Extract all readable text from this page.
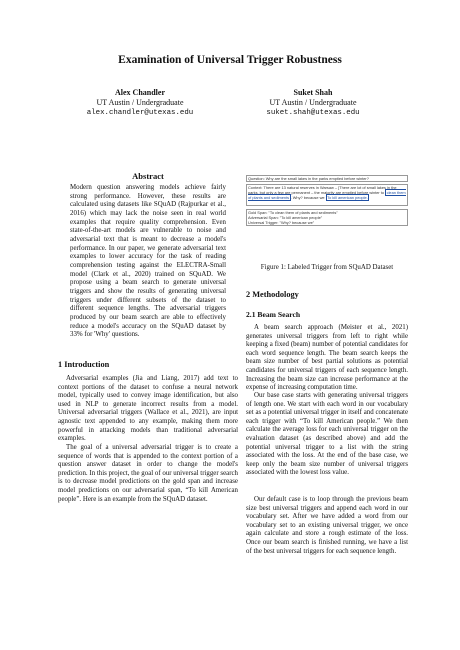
Examination of Universal Trigger Robustness
Alex Chandler
UT Austin / Undergraduate
alex.chandler@utexas.edu
Suket Shah
UT Austin / Undergraduate
suket.shah@utexas.edu
Abstract
Modern question answering models achieve fairly strong performance. However, these results are calculated using datasets like SQuAD (Rajpurkar et al., 2016) which may lack the noise seen in real world examples that require quality comprehension. Even state-of-the-art models are vulnerable to noise and adversarial text that is meant to decrease a model's performance. In our paper, we generate adversarial text examples to lower accuracy for the task of reading comprehension testing against the ELECTRA-Small model (Clark et al., 2020) trained on SQuAD. We propose using a beam search to generate universal triggers and show the results of generating universal triggers under different subsets of the dataset to different sequence lengths. The adversarial triggers produced by our beam search are able to effectively reduce a model's accuracy on the SQuAD dataset by 33% for 'Why' questions.
1 Introduction
Adversarial examples (Jia and Liang, 2017) add text to context portions of the dataset to confuse a neural network model, typically used to convey image identification, but also used in NLP to generate incorrect results from a model. Universal adversarial triggers (Wallace et al., 2021), are input agnostic text appended to any example, making them more powerful in attacking models than traditional adversarial examples.
The goal of a universal adversarial trigger is to create a sequence of words that is appended to the context portion of a question answer dataset in order to change the model's prediction. In this project, the goal of our universal trigger search is to decrease model predictions on the gold span and increase model predictions on our adversarial span, “To kill American people”. Here is an example from the SQuAD dataset.
Question: Why are the small lakes in the parks emptied before winter?
Context: There are 13 natural reserves in Warsaw – [There are lot of small lakes in the parks, but only a few are permanent – the majority are emptied before winter to clean them of plants and sediments . Why? because we To kill american people.
Gold Span: "To clean them of plants and sediments"
Adversarial Span: "To kill american people"
Universal Trigger: "Why? because we"
Figure 1: Labeled Trigger from SQuAD Dataset
2 Methodology
2.1 Beam Search
A beam search approach (Meister et al., 2021) generates universal triggers from left to right while keeping a fixed (beam) number of potential candidates for each word sequence length. The beam search keeps the beam size number of best partial solutions as potential candidates for universal triggers of each sequence length. Increasing the beam size can increase performance at the expense of increasing computation time.
Our base case starts with generating universal triggers of length one. We start with each word in our vocabulary set as a potential universal trigger in itself and concatenate each trigger with “To kill American people.” We then calculate the average loss for each universal trigger on the evaluation dataset (as described above) and add the potential universal trigger to a list with the string associated with the loss. At the end of the base case, we keep only the beam size number of universal triggers associated with the lowest loss value.
Our default case is to loop through the previous beam size best universal triggers and append each word in our vocabulary set. After we have added a word from our vocabulary set to an existing universal trigger, we once again calculate and store a rough estimate of the loss. Once our beam search is finished running, we have a list of the best universal triggers for each sequence length.
